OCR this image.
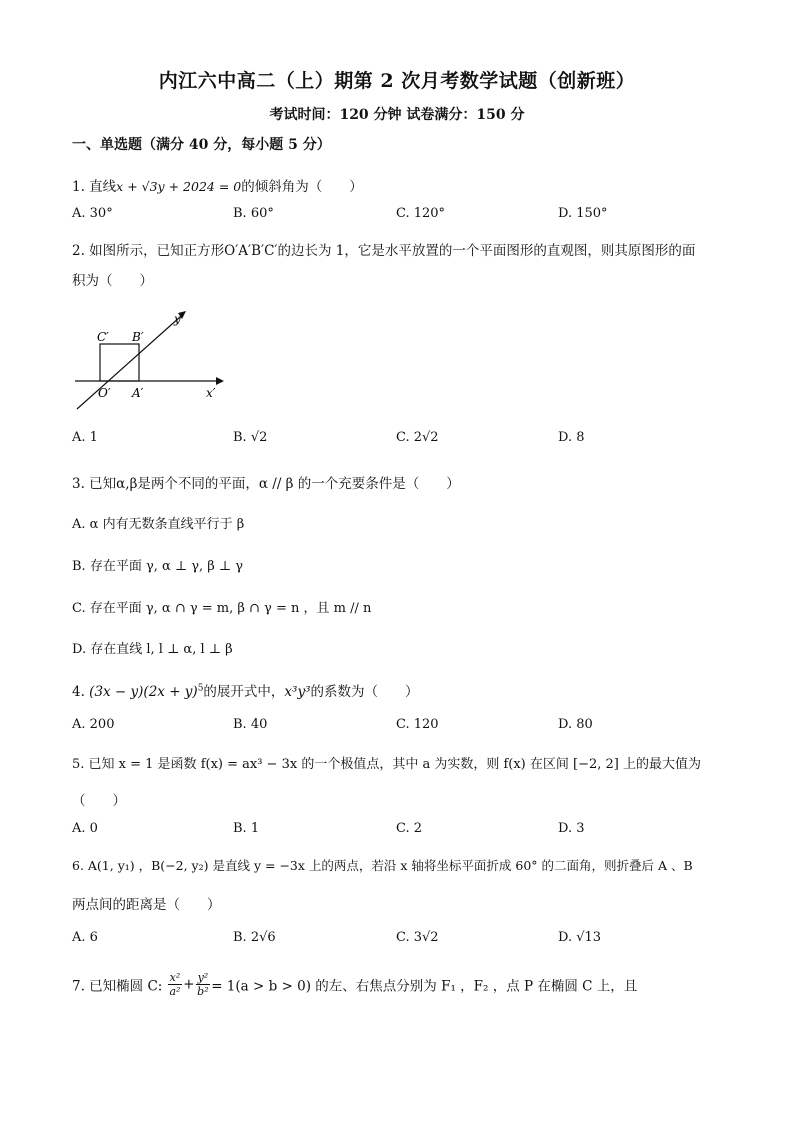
内江六中高二（上）期第 2 次月考数学试题（创新班）
考试时间：120 分钟 试卷满分：150 分
一、单选题（满分 40 分，每小题 5 分）
1. 直线x + √3y + 2024 = 0的倾斜角为（　　）
A. 30°	B. 60°	C. 120°	D. 150°
2. 如图所示，已知正方形O′A′B′C′的边长为 1，它是水平放置的一个平面图形的直观图，则其原图形的面
积为（　　）
C′ B′
O′ A′	x′
y′
A. 1	B. √2	C. 2√2	D. 8
3. 已知α,β是两个不同的平面，α // β 的一个充要条件是（　　）
A. α 内有无数条直线平行于 β
B. 存在平面 γ, α ⊥ γ, β ⊥ γ
C. 存在平面 γ, α ∩ γ = m, β ∩ γ = n ，且 m // n
D. 存在直线 l, l ⊥ α, l ⊥ β
4. $(3x - y)(2x + y)^5$的展开式中，x³y³的系数为（　　）
A. 200	B. 40	C. 120	D. 80
5. 已知 x = 1 是函数 f(x) = ax³ − 3x 的一个极值点，其中 a 为实数，则 f(x) 在区间 [−2, 2] 上的最大值为
（　　）
A. 0	B. 1	C. 2	D. 3
6. A(1, y₁) ，B(−2, y₂) 是直线 y = −3x 上的两点，若沿 x 轴将坐标平面折成 60° 的二面角，则折叠后 A 、B
两点间的距离是（　　）
A. 6	B. 2√6	C. 3√2	D. √13
7. 已知椭圆 C: $\frac{\text{x²}}{\text{a²}} + \frac{\text{y²}}{\text{b²}} = 1(a > b > 0)$ 的左、右焦点分别为 F₁ ，F₂ ，点 P 在椭圆 C 上，且
